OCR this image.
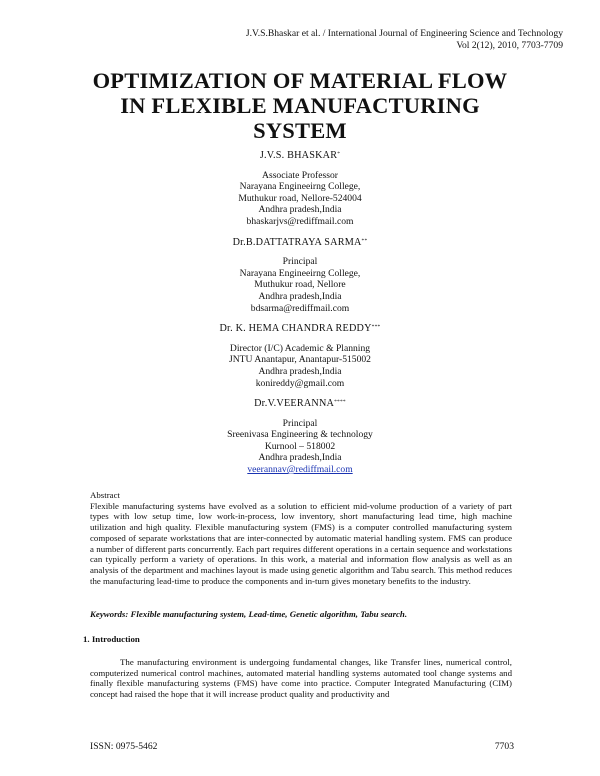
J.V.S.Bhaskar et al. / International Journal of Engineering Science and Technology
Vol 2(12), 2010, 7703-7709
OPTIMIZATION OF MATERIAL FLOW
IN FLEXIBLE MANUFACTURING
SYSTEM
J.V.S. BHASKAR*
Associate Professor
Narayana Engineeirng College,
Muthukur road, Nellore-524004
Andhra pradesh,India
bhaskarjvs@rediffmail.com
Dr.B.DATTATRAYA SARMA**
Principal
Narayana Engineeirng College,
Muthukur road, Nellore
Andhra pradesh,India
bdsarma@rediffmail.com
Dr. K. HEMA CHANDRA REDDY***
Director (I/C) Academic & Planning
JNTU Anantapur, Anantapur-515002
Andhra pradesh,India
konireddy@gmail.com
Dr.V.VEERANNA****
Principal
Sreenivasa Engineering & technology
Kurnool – 518002
Andhra pradesh,India
veerannav@rediffmail.com
Abstract

Flexible manufacturing systems have evolved as a solution to efficient mid-volume production of a variety of part types with low setup time, low work-in-process, low inventory, short manufacturing lead time, high machine utilization and high quality. Flexible manufacturing system (FMS) is a computer controlled manufacturing system composed of separate workstations that are inter-connected by automatic material handling system. FMS can produce a number of different parts concurrently. Each part requires different operations in a certain sequence and workstations can typically perform a variety of operations. In this work, a material and information flow analysis as well as an analysis of the department and machines layout is made using genetic algorithm and Tabu search. This method reduces the manufacturing lead-time to produce the components and in-turn gives monetary benefits to the industry.

Keywords: Flexible manufacturing system, Lead-time, Genetic algorithm, Tabu search.
1. Introduction

The manufacturing environment is undergoing fundamental changes, like Transfer lines, numerical control, computerized numerical control machines, automated material handling systems automated tool change systems and finally flexible manufacturing systems (FMS) have come into practice. Computer Integrated Manufacturing (CIM) concept had raised the hope that it will increase product quality and productivity and

ISSN: 0975-5462	7703
